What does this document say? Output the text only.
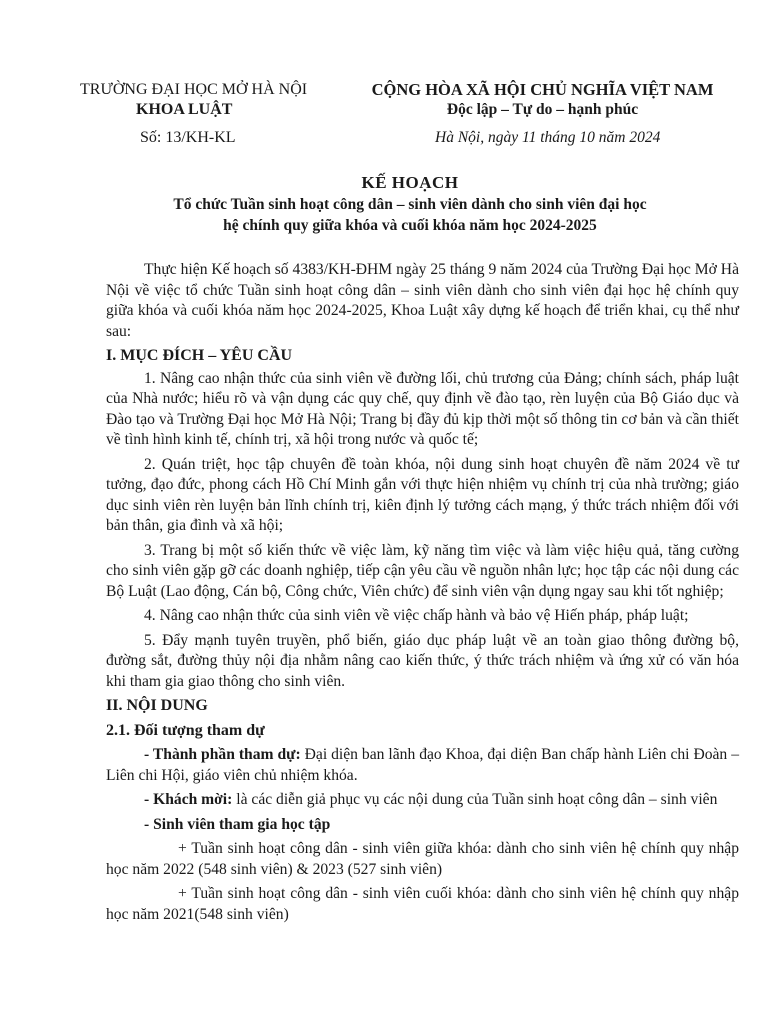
TRƯỜNG ĐẠI HỌC MỞ HÀ NỘI
KHOA LUẬT
Số: 13/KH-KL
CỘNG HÒA XÃ HỘI CHỦ NGHĨA VIỆT NAM
Độc lập – Tự do – hạnh phúc
Hà Nội, ngày 11 tháng 10 năm 2024
KẾ HOẠCH
Tổ chức Tuần sinh hoạt công dân – sinh viên dành cho sinh viên đại học
hệ chính quy giữa khóa và cuối khóa năm học 2024-2025

Thực hiện Kế hoạch số 4383/KH-ĐHM ngày 25 tháng 9 năm 2024 của Trường Đại học Mở Hà Nội về việc tổ chức Tuần sinh hoạt công dân – sinh viên dành cho sinh viên đại học hệ chính quy giữa khóa và cuối khóa năm học 2024-2025, Khoa Luật xây dựng kế hoạch để triển khai, cụ thể như sau:

I. MỤC ĐÍCH – YÊU CẦU

1. Nâng cao nhận thức của sinh viên về đường lối, chủ trương của Đảng; chính sách, pháp luật của Nhà nước; hiểu rõ và vận dụng các quy chế, quy định về đào tạo, rèn luyện của Bộ Giáo dục và Đào tạo và Trường Đại học Mở Hà Nội; Trang bị đầy đủ kịp thời một số thông tin cơ bản và cần thiết về tình hình kinh tế, chính trị, xã hội trong nước và quốc tế;

2. Quán triệt, học tập chuyên đề toàn khóa, nội dung sinh hoạt chuyên đề năm 2024 về tư tưởng, đạo đức, phong cách Hồ Chí Minh gắn với thực hiện nhiệm vụ chính trị của nhà trường; giáo dục sinh viên rèn luyện bản lĩnh chính trị, kiên định lý tưởng cách mạng, ý thức trách nhiệm đối với bản thân, gia đình và xã hội;

3. Trang bị một số kiến thức về việc làm, kỹ năng tìm việc và làm việc hiệu quả, tăng cường cho sinh viên gặp gỡ các doanh nghiệp, tiếp cận yêu cầu về nguồn nhân lực; học tập các nội dung các Bộ Luật (Lao động, Cán bộ, Công chức, Viên chức) để sinh viên vận dụng ngay sau khi tốt nghiệp;

4. Nâng cao nhận thức của sinh viên về việc chấp hành và bảo vệ Hiến pháp, pháp luật;

5. Đẩy mạnh tuyên truyền, phổ biến, giáo dục pháp luật về an toàn giao thông đường bộ, đường sắt, đường thủy nội địa nhằm nâng cao kiến thức, ý thức trách nhiệm và ứng xử có văn hóa khi tham gia giao thông cho sinh viên.

II. NỘI DUNG
2.1. Đối tượng tham dự

- Thành phần tham dự: Đại diện ban lãnh đạo Khoa, đại diện Ban chấp hành Liên chi Đoàn – Liên chi Hội, giáo viên chủ nhiệm khóa.

- Khách mời: là các diễn giả phục vụ các nội dung của Tuần sinh hoạt công dân – sinh viên

- Sinh viên tham gia học tập

+ Tuần sinh hoạt công dân - sinh viên giữa khóa: dành cho sinh viên hệ chính quy nhập học năm 2022 (548 sinh viên) & 2023 (527 sinh viên)

+ Tuần sinh hoạt công dân - sinh viên cuối khóa: dành cho sinh viên hệ chính quy nhập học năm 2021(548 sinh viên)
